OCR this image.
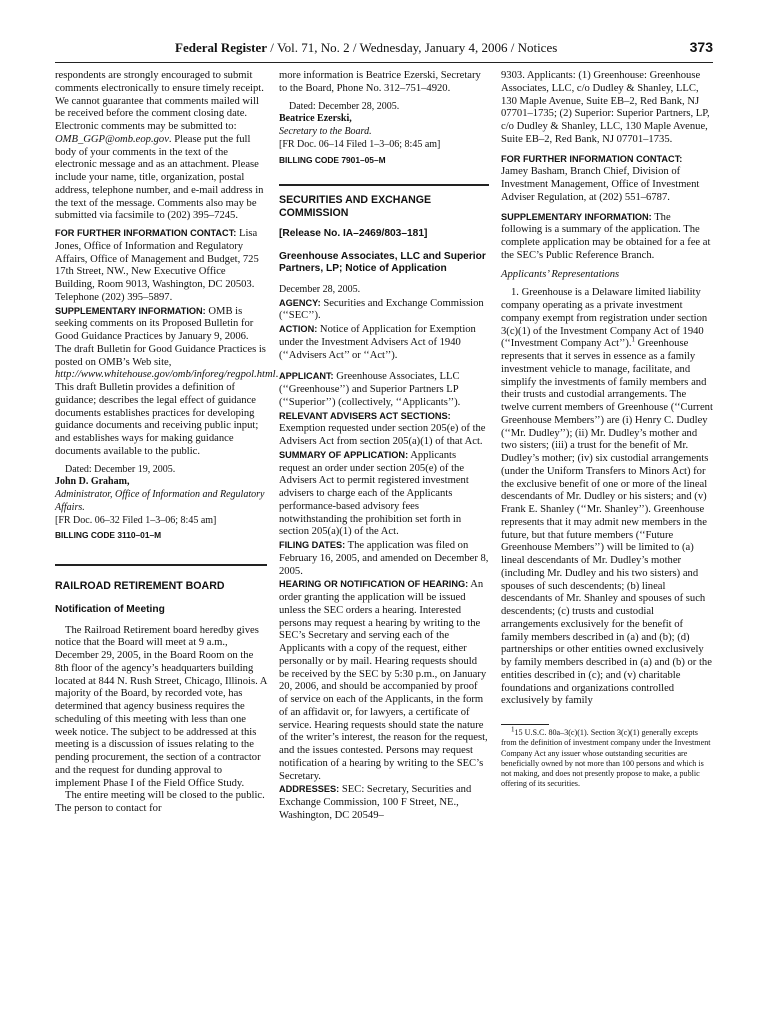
Federal Register / Vol. 71, No. 2 / Wednesday, January 4, 2006 / Notices	373

respondents are strongly encouraged to submit comments electronically to ensure timely receipt. We cannot guarantee that comments mailed will be received before the comment closing date. Electronic comments may be submitted to: OMB_GGP@omb.eop.gov. Please put the full body of your comments in the text of the electronic message and as an attachment. Please include your name, title, organization, postal address, telephone number, and e-mail address in the text of the message. Comments also may be submitted via facsimile to (202) 395–7245.

FOR FURTHER INFORMATION CONTACT: Lisa Jones, Office of Information and Regulatory Affairs, Office of Management and Budget, 725 17th Street, NW., New Executive Office Building, Room 9013, Washington, DC 20503. Telephone (202) 395–5897.

SUPPLEMENTARY INFORMATION: OMB is seeking comments on its Proposed Bulletin for Good Guidance Practices by January 9, 2006. The draft Bulletin for Good Guidance Practices is posted on OMB’s Web site, http://www.whitehouse.gov/omb/inforeg/regpol.html. This draft Bulletin provides a definition of guidance; describes the legal effect of guidance documents establishes practices for developing guidance documents and receiving public input; and establishes ways for making guidance documents available to the public.

Dated: December 19, 2005.

John D. Graham,

Administrator, Office of Information and Regulatory Affairs.

[FR Doc. 06–32 Filed 1–3–06; 8:45 am]

BILLING CODE 3110–01–M

RAILROAD RETIREMENT BOARD

Notification of Meeting

The Railroad Retirement board heredby gives notice that the Board will meet at 9 a.m., December 29, 2005, in the Board Room on the 8th floor of the agency’s headquarters building located at 844 N. Rush Street, Chicago, Illinois. A majority of the Board, by recorded vote, has determined that agency business requires the scheduling of this meeting with less than one week notice. The subject to be addressed at this meeting is a discussion of issues relating to the pending procurement, the section of a contractor and the request for dunding approval to implement Phase I of the Field Office Study.

The entire meeting will be closed to the public. The person to contact for

more information is Beatrice Ezerski, Secretary to the Board, Phone No. 312–751–4920.

Dated: December 28, 2005.

Beatrice Ezerski,

Secretary to the Board.

[FR Doc. 06–14 Filed 1–3–06; 8:45 am]

BILLING CODE 7901–05–M

SECURITIES AND EXCHANGE COMMISSION

[Release No. IA–2469/803–181]

Greenhouse Associates, LLC and Superior Partners, LP; Notice of Application

December 28, 2005.

AGENCY: Securities and Exchange Commission (‘‘SEC’’).

ACTION: Notice of Application for Exemption under the Investment Advisers Act of 1940 (‘‘Advisers Act’’ or ‘‘Act’’).

APPLICANT: Greenhouse Associates, LLC (‘‘Greenhouse’’) and Superior Partners LP (‘‘Superior’’) (collectively, ‘‘Applicants’’).

RELEVANT ADVISERS ACT SECTIONS:

Exemption requested under section 205(e) of the Advisers Act from section 205(a)(1) of that Act.

SUMMARY OF APPLICATION: Applicants request an order under section 205(e) of the Advisers Act to permit registered investment advisers to charge each of the Applicants performance-based advisory fees notwithstanding the prohibition set forth in section 205(a)(1) of the Act.

FILING DATES: The application was filed on February 16, 2005, and amended on December 8, 2005.

HEARING OR NOTIFICATION OF HEARING: An order granting the application will be issued unless the SEC orders a hearing. Interested persons may request a hearing by writing to the SEC’s Secretary and serving each of the Applicants with a copy of the request, either personally or by mail. Hearing requests should be received by the SEC by 5:30 p.m., on January 20, 2006, and should be accompanied by proof of service on each of the Applicants, in the form of an affidavit or, for lawyers, a certificate of service. Hearing requests should state the nature of the writer’s interest, the reason for the request, and the issues contested. Persons may request notification of a hearing by writing to the SEC’s Secretary.

ADDRESSES: SEC: Secretary, Securities and Exchange Commission, 100 F Street, NE., Washington, DC 20549–

9303. Applicants: (1) Greenhouse: Greenhouse Associates, LLC, c/o Dudley & Shanley, LLC, 130 Maple Avenue, Suite EB–2, Red Bank, NJ 07701–1735; (2) Superior: Superior Partners, LP, c/o Dudley & Shanley, LLC, 130 Maple Avenue, Suite EB–2, Red Bank, NJ 07701–1735.

FOR FURTHER INFORMATION CONTACT:

Jamey Basham, Branch Chief, Division of Investment Management, Office of Investment Adviser Regulation, at (202) 551–6787.

SUPPLEMENTARY INFORMATION: The following is a summary of the application. The complete application may be obtained for a fee at the SEC’s Public Reference Branch.

Applicants’ Representations

1. Greenhouse is a Delaware limited liability company operating as a private investment company exempt from registration under section 3(c)(1) of the Investment Company Act of 1940 (‘‘Investment Company Act’’).$^1$ Greenhouse represents that it serves in essence as a family investment vehicle to manage, facilitate, and simplify the investments of family members and their trusts and custodial arrangements. The twelve current members of Greenhouse (‘‘Current Greenhouse Members’’) are (i) Henry C. Dudley (‘‘Mr. Dudley’’); (ii) Mr. Dudley’s mother and two sisters; (iii) a trust for the benefit of Mr. Dudley’s mother; (iv) six custodial arrangements (under the Uniform Transfers to Minors Act) for the exclusive benefit of one or more of the lineal descendants of Mr. Dudley or his sisters; and (v) Frank E. Shanley (‘‘Mr. Shanley’’). Greenhouse represents that it may admit new members in the future, but that future members (‘‘Future Greenhouse Members’’) will be limited to (a) lineal descendants of Mr. Dudley’s mother (including Mr. Dudley and his two sisters) and spouses of such descendents; (b) lineal descendants of Mr. Shanley and spouses of such descendents; (c) trusts and custodial arrangements exclusively for the benefit of family members described in (a) and (b); (d) partnerships or other entities owned exclusively by family members described in (a) and (b) or the entities described in (c); and (v) charitable foundations and organizations controlled exclusively by family

$^1$15 U.S.C. 80a–3(c)(1). Section 3(c)(1) generally excepts from the definition of investment company under the Investment Company Act any issuer whose outstanding securities are beneficially owned by not more than 100 persons and which is not making, and does not presently propose to make, a public offering of its securities.
